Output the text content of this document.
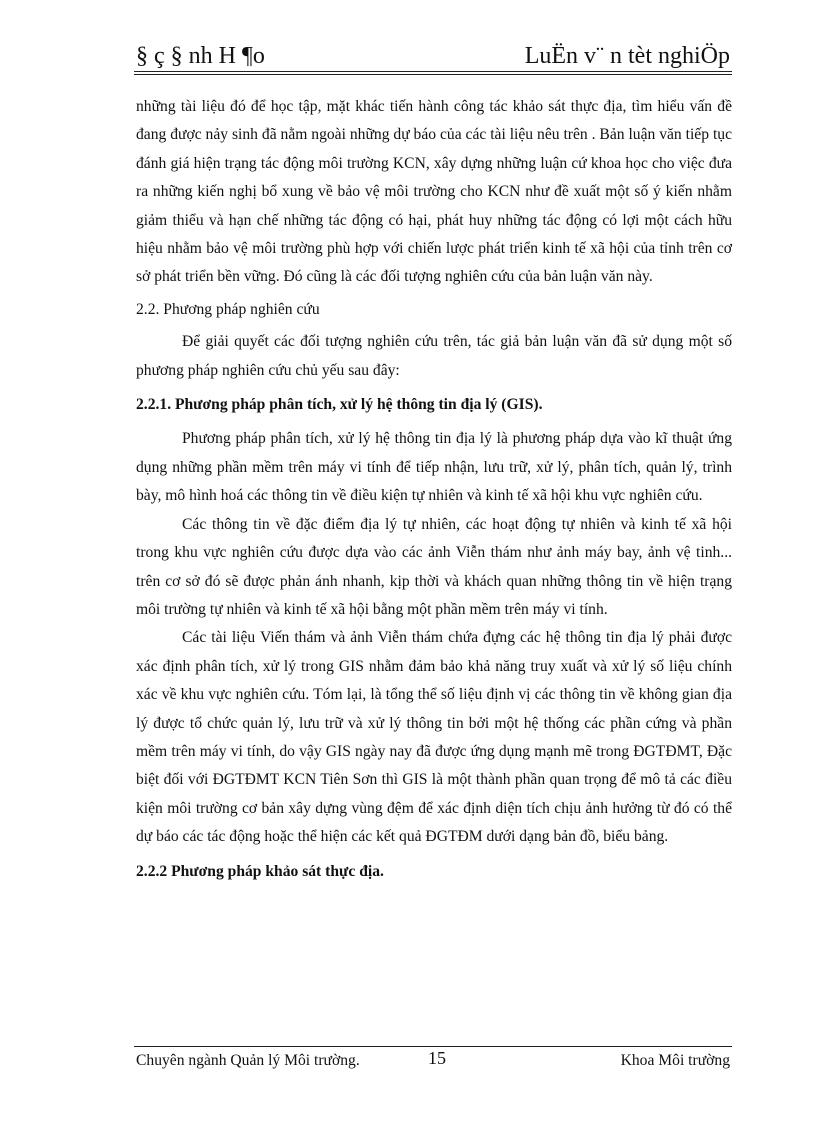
§ ç § nh H ¶o	LuËn v¨ n tèt nghiÖp

những tài liệu đó để học tập, mặt khác tiến hành công tác khảo sát thực địa, tìm hiểu vấn đề đang được nảy sinh đã nằm ngoài những dự báo của các tài liệu nêu trên . Bản luận văn tiếp tục đánh giá hiện trạng tác động môi trường KCN, xây dựng những luận cứ khoa học cho việc đưa ra những kiến nghị bổ xung về bảo vệ môi trường cho KCN như đề xuất một số ý kiến nhằm giảm thiểu và hạn chế những tác động có hại, phát huy những tác động có lợi một cách hữu hiệu nhằm bảo vệ môi trường phù hợp với chiến lược phát triển kinh tế xã hội của tỉnh trên cơ sở phát triển bền vững. Đó cũng là các đối tượng nghiên cứu của bản luận văn này.

2.2. Phương pháp nghiên cứu

Để giải quyết các đối tượng nghiên cứu trên, tác giả bản luận văn đã sử dụng một số phương pháp nghiên cứu chủ yếu sau đây:

2.2.1. Phương pháp phân tích, xử lý hệ thông tin địa lý (GIS).

Phương pháp phân tích, xử lý hệ thông tin địa lý là phương pháp dựa vào kĩ thuật ứng dụng những phần mềm trên máy vi tính để tiếp nhận, lưu trữ, xử lý, phân tích, quản lý, trình bày, mô hình hoá các thông tin về điều kiện tự nhiên và kinh tế xã hội khu vực nghiên cứu.

Các thông tin về đặc điểm địa lý tự nhiên, các hoạt động tự nhiên và kinh tế xã hội trong khu vực nghiên cứu được dựa vào các ảnh Viễn thám như ảnh máy bay, ảnh vệ tinh... trên cơ sở đó sẽ được phản ánh nhanh, kịp thời và khách quan những thông tin về hiện trạng môi trường tự nhiên và kinh tế xã hội bằng một phần mềm trên máy vi tính.

Các tài liệu Viến thám và ảnh Viễn thám chứa đựng các hệ thông tin địa lý phải được xác định phân tích, xử lý trong GIS nhằm đảm bảo khả năng truy xuất và xử lý số liệu chính xác về khu vực nghiên cứu. Tóm lại, là tổng thể số liệu định vị các thông tin về không gian địa lý được tổ chức quản lý, lưu trữ và xử lý thông tin bởi một hệ thống các phần cứng và phần mềm trên máy vi tính, do vậy GIS ngày nay đã được ứng dụng mạnh mẽ trong ĐGTĐMT, Đặc biệt đối với ĐGTĐMT KCN Tiên Sơn thì GIS là một thành phần quan trọng để mô tả các điều kiện môi trường cơ bản xây dựng vùng đệm để xác định diện tích chịu ảnh hưởng từ đó có thể dự báo các tác động hoặc thể hiện các kết quả ĐGTĐM dưới dạng bản đồ, biểu bảng.

2.2.2 Phương pháp khảo sát thực địa.

Chuyên ngành Quản lý Môi trường.	15	Khoa Môi trường
